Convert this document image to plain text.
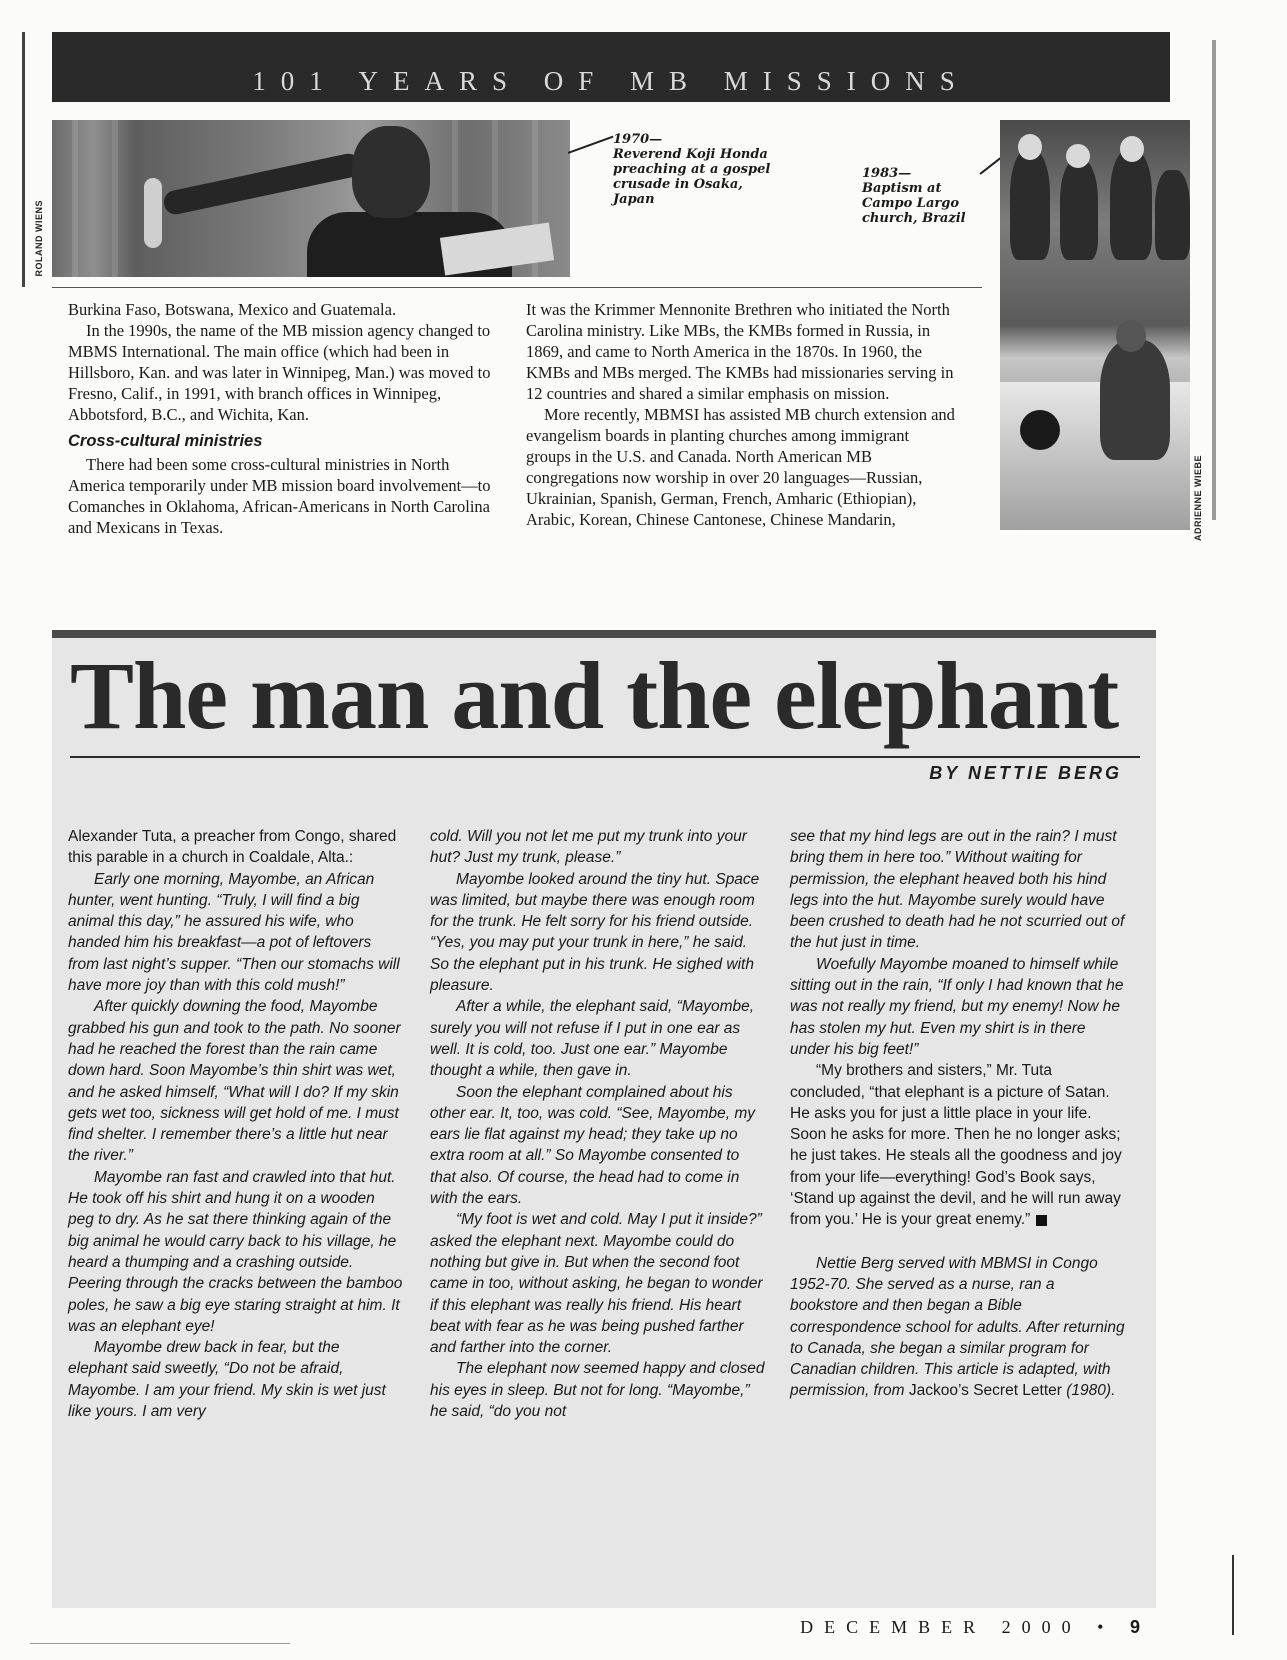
101 YEARS OF MB MISSIONS
ROLAND WIENS
1970—
Reverend Koji Honda preaching at a gospel crusade in Osaka, Japan
1983—
Baptism at Campo Largo church, Brazil
ADRIENNE WIEBE

Burkina Faso, Botswana, Mexico and Guatemala.

In the 1990s, the name of the MB mission agency changed to MBMS International. The main office (which had been in Hillsboro, Kan. and was later in Winnipeg, Man.) was moved to Fresno, Calif., in 1991, with branch offices in Winnipeg, Abbotsford, B.C., and Wichita, Kan.

Cross-cultural ministries

There had been some cross-cultural ministries in North America temporarily under MB mission board involvement—to Comanches in Oklahoma, African-Americans in North Carolina and Mexicans in Texas.

It was the Krimmer Mennonite Brethren who initiated the North Carolina ministry. Like MBs, the KMBs formed in Russia, in 1869, and came to North America in the 1870s. In 1960, the KMBs and MBs merged. The KMBs had missionaries serving in 12 countries and shared a similar emphasis on mission.

More recently, MBMSI has assisted MB church extension and evangelism boards in planting churches among immigrant groups in the U.S. and Canada. North American MB congregations now worship in over 20 languages—Russian, Ukrainian, Spanish, German, French, Amharic (Ethiopian), Arabic, Korean, Chinese Cantonese, Chinese Mandarin,

The man and the elephant
BY NETTIE BERG

Alexander Tuta, a preacher from Congo, shared this parable in a church in Coaldale, Alta.:

Early one morning, Mayombe, an African hunter, went hunting. “Truly, I will find a big animal this day,” he assured his wife, who handed him his breakfast—a pot of leftovers from last night’s supper. “Then our stomachs will have more joy than with this cold mush!”

After quickly downing the food, Mayombe grabbed his gun and took to the path. No sooner had he reached the forest than the rain came down hard. Soon Mayombe’s thin shirt was wet, and he asked himself, “What will I do? If my skin gets wet too, sickness will get hold of me. I must find shelter. I remember there’s a little hut near the river.”

Mayombe ran fast and crawled into that hut. He took off his shirt and hung it on a wooden peg to dry. As he sat there thinking again of the big animal he would carry back to his village, he heard a thumping and a crashing outside. Peering through the cracks between the bamboo poles, he saw a big eye staring straight at him. It was an elephant eye!

Mayombe drew back in fear, but the elephant said sweetly, “Do not be afraid, Mayombe. I am your friend. My skin is wet just like yours. I am very

cold. Will you not let me put my trunk into your hut? Just my trunk, please.”

Mayombe looked around the tiny hut. Space was limited, but maybe there was enough room for the trunk. He felt sorry for his friend outside. “Yes, you may put your trunk in here,” he said. So the elephant put in his trunk. He sighed with pleasure.

After a while, the elephant said, “Mayombe, surely you will not refuse if I put in one ear as well. It is cold, too. Just one ear.” Mayombe thought a while, then gave in.

Soon the elephant complained about his other ear. It, too, was cold. “See, Mayombe, my ears lie flat against my head; they take up no extra room at all.” So Mayombe consented to that also. Of course, the head had to come in with the ears.

“My foot is wet and cold. May I put it inside?” asked the elephant next. Mayombe could do nothing but give in. But when the second foot came in too, without asking, he began to wonder if this elephant was really his friend. His heart beat with fear as he was being pushed farther and farther into the corner.

The elephant now seemed happy and closed his eyes in sleep. But not for long. “Mayombe,” he said, “do you not

see that my hind legs are out in the rain? I must bring them in here too.” Without waiting for permission, the elephant heaved both his hind legs into the hut. Mayombe surely would have been crushed to death had he not scurried out of the hut just in time.

Woefully Mayombe moaned to himself while sitting out in the rain, “If only I had known that he was not really my friend, but my enemy! Now he has stolen my hut. Even my shirt is in there under his big feet!”

“My brothers and sisters,” Mr. Tuta concluded, “that elephant is a picture of Satan. He asks you for just a little place in your life. Soon he asks for more. Then he no longer asks; he just takes. He steals all the goodness and joy from your life—everything! God’s Book says, ‘Stand up against the devil, and he will run away from you.’ He is your great enemy.”

Nettie Berg served with MBMSI in Congo 1952-70. She served as a nurse, ran a bookstore and then began a Bible correspondence school for adults. After returning to Canada, she began a similar program for Canadian children. This article is adapted, with permission, from Jackoo’s Secret Letter (1980).

DECEMBER 2000 • 9
